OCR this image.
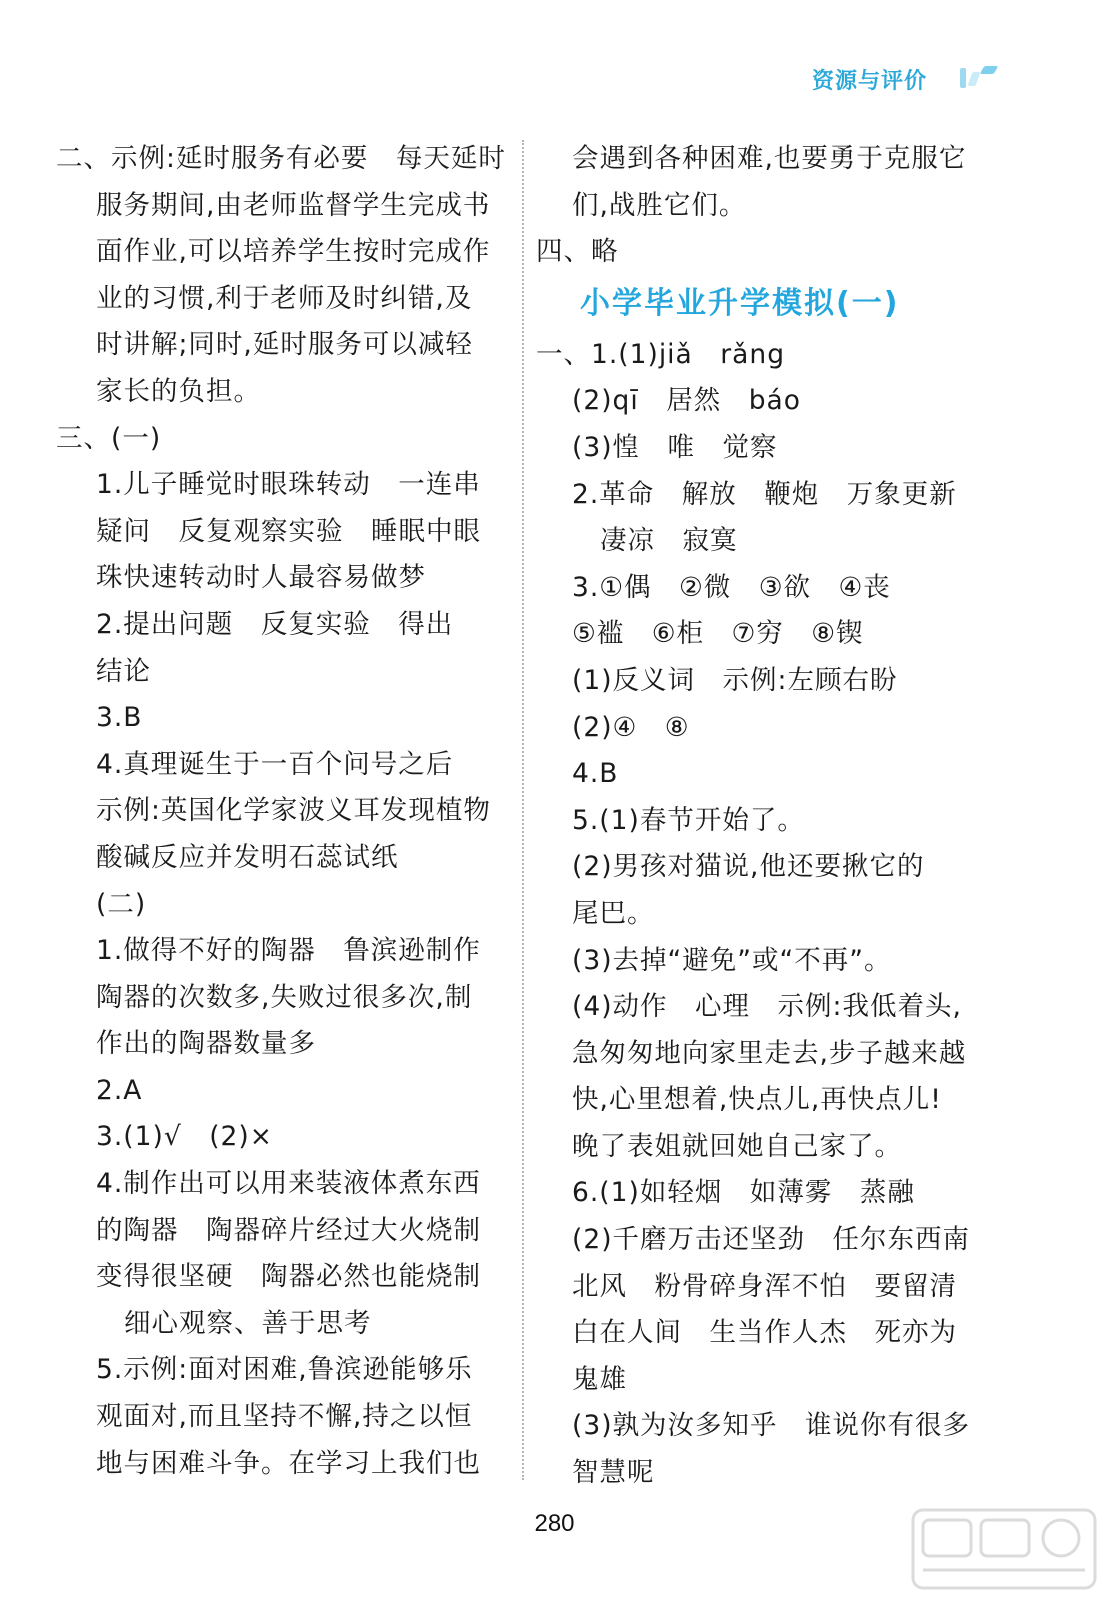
资源与评价
二、示例:延时服务有必要　每天延时
服务期间,由老师监督学生完成书
面作业,可以培养学生按时完成作
业的习惯,利于老师及时纠错,及
时讲解;同时,延时服务可以减轻
家长的负担。
三、(一)
1.儿子睡觉时眼珠转动　一连串
疑问　反复观察实验　睡眠中眼
珠快速转动时人最容易做梦
2.提出问题　反复实验　得出
结论
3.B
4.真理诞生于一百个问号之后
示例:英国化学家波义耳发现植物
酸碱反应并发明石蕊试纸
(二)
1.做得不好的陶器　鲁滨逊制作
陶器的次数多,失败过很多次,制
作出的陶器数量多
2.A
3.(1)√　(2)×
4.制作出可以用来装液体煮东西
的陶器　陶器碎片经过大火烧制
变得很坚硬　陶器必然也能烧制
细心观察、善于思考
5.示例:面对困难,鲁滨逊能够乐
观面对,而且坚持不懈,持之以恒
地与困难斗争。在学习上我们也
会遇到各种困难,也要勇于克服它
们,战胜它们。
四、略
小学毕业升学模拟(一)
一、1.(1)jiǎ　rǎng
(2)qī　居然　báo
(3)惶　唯　觉察
2.革命　解放　鞭炮　万象更新
凄凉　寂寞
3.①偶　②微　③欲　④丧
⑤褴　⑥柜　⑦穷　⑧锲
(1)反义词　示例:左顾右盼
(2)④　⑧
4.B
5.(1)春节开始了。
(2)男孩对猫说,他还要揪它的
尾巴。
(3)去掉“避免”或“不再”。
(4)动作　心理　示例:我低着头,
急匆匆地向家里走去,步子越来越
快,心里想着,快点儿,再快点儿!
晚了表姐就回她自己家了。
6.(1)如轻烟　如薄雾　蒸融
(2)千磨万击还坚劲　任尔东西南
北风　粉骨碎身浑不怕　要留清
白在人间　生当作人杰　死亦为
鬼雄
(3)孰为汝多知乎　谁说你有很多
智慧呢
280
